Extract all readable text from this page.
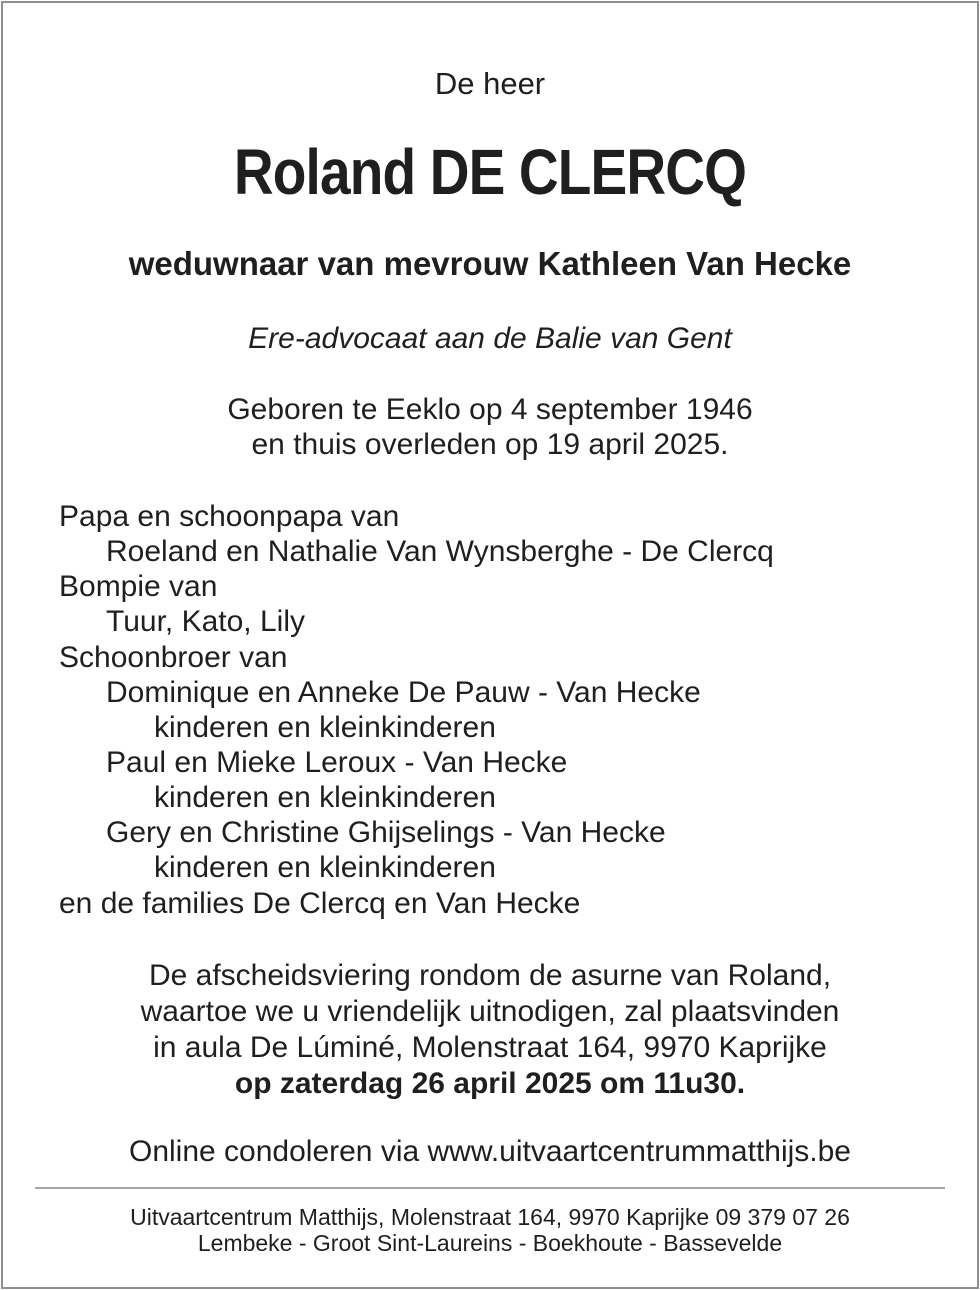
De heer
Roland DE CLERCQ
weduwnaar van mevrouw Kathleen Van Hecke
Ere-advocaat aan de Balie van Gent
Geboren te Eeklo op 4 september 1946
en thuis overleden op 19 april 2025.
Papa en schoonpapa van
Roeland en Nathalie Van Wynsberghe - De Clercq
Bompie van
Tuur, Kato, Lily
Schoonbroer van
Dominique en Anneke De Pauw - Van Hecke
kinderen en kleinkinderen
Paul en Mieke Leroux - Van Hecke
kinderen en kleinkinderen
Gery en Christine Ghijselings - Van Hecke
kinderen en kleinkinderen
en de families De Clercq en Van Hecke
De afscheidsviering rondom de asurne van Roland,
waartoe we u vriendelijk uitnodigen, zal plaatsvinden
in aula De Lúminé, Molenstraat 164, 9970 Kaprijke
op zaterdag 26 april 2025 om 11u30.
Online condoleren via www.uitvaartcentrummatthijs.be
Uitvaartcentrum Matthijs, Molenstraat 164, 9970 Kaprijke 09 379 07 26
Lembeke - Groot Sint-Laureins - Boekhoute - Bassevelde
